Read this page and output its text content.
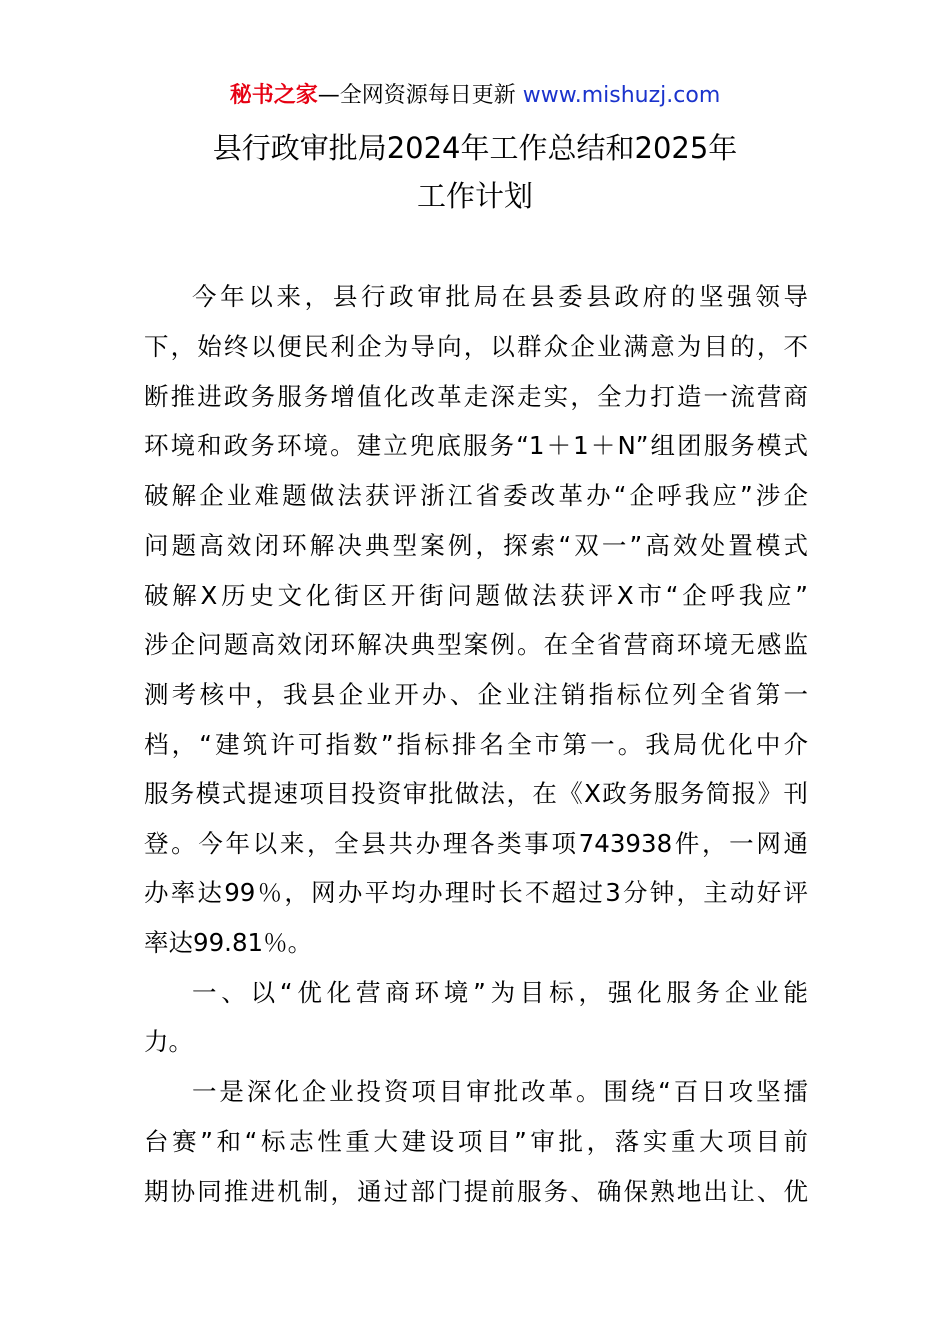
秘书之家—全网资源每日更新 www.mishuzj.com
县行政审批局2024年工作总结和2025年
工作计划
今年以来，县行政审批局在县委县政府的坚强领导
下，始终以便民利企为导向，以群众企业满意为目的，不
断推进政务服务增值化改革走深走实，全力打造一流营商
环境和政务环境。建立兜底服务“1＋1＋N”组团服务模式
破解企业难题做法获评浙江省委改革办“企呼我应”涉企
问题高效闭环解决典型案例，探索“双一”高效处置模式
破解X历史文化街区开街问题做法获评X市“企呼我应”
涉企问题高效闭环解决典型案例。在全省营商环境无感监
测考核中，我县企业开办、企业注销指标位列全省第一
档，“建筑许可指数”指标排名全市第一。我局优化中介
服务模式提速项目投资审批做法，在《X政务服务简报》刊
登。今年以来，全县共办理各类事项743938件，一网通
办率达99％，网办平均办理时长不超过3分钟，主动好评
率达99.81％。
一、以“优化营商环境”为目标，强化服务企业能
力。
一是深化企业投资项目审批改革。围绕“百日攻坚擂
台赛”和“标志性重大建设项目”审批，落实重大项目前
期协同推进机制，通过部门提前服务、确保熟地出让、优
